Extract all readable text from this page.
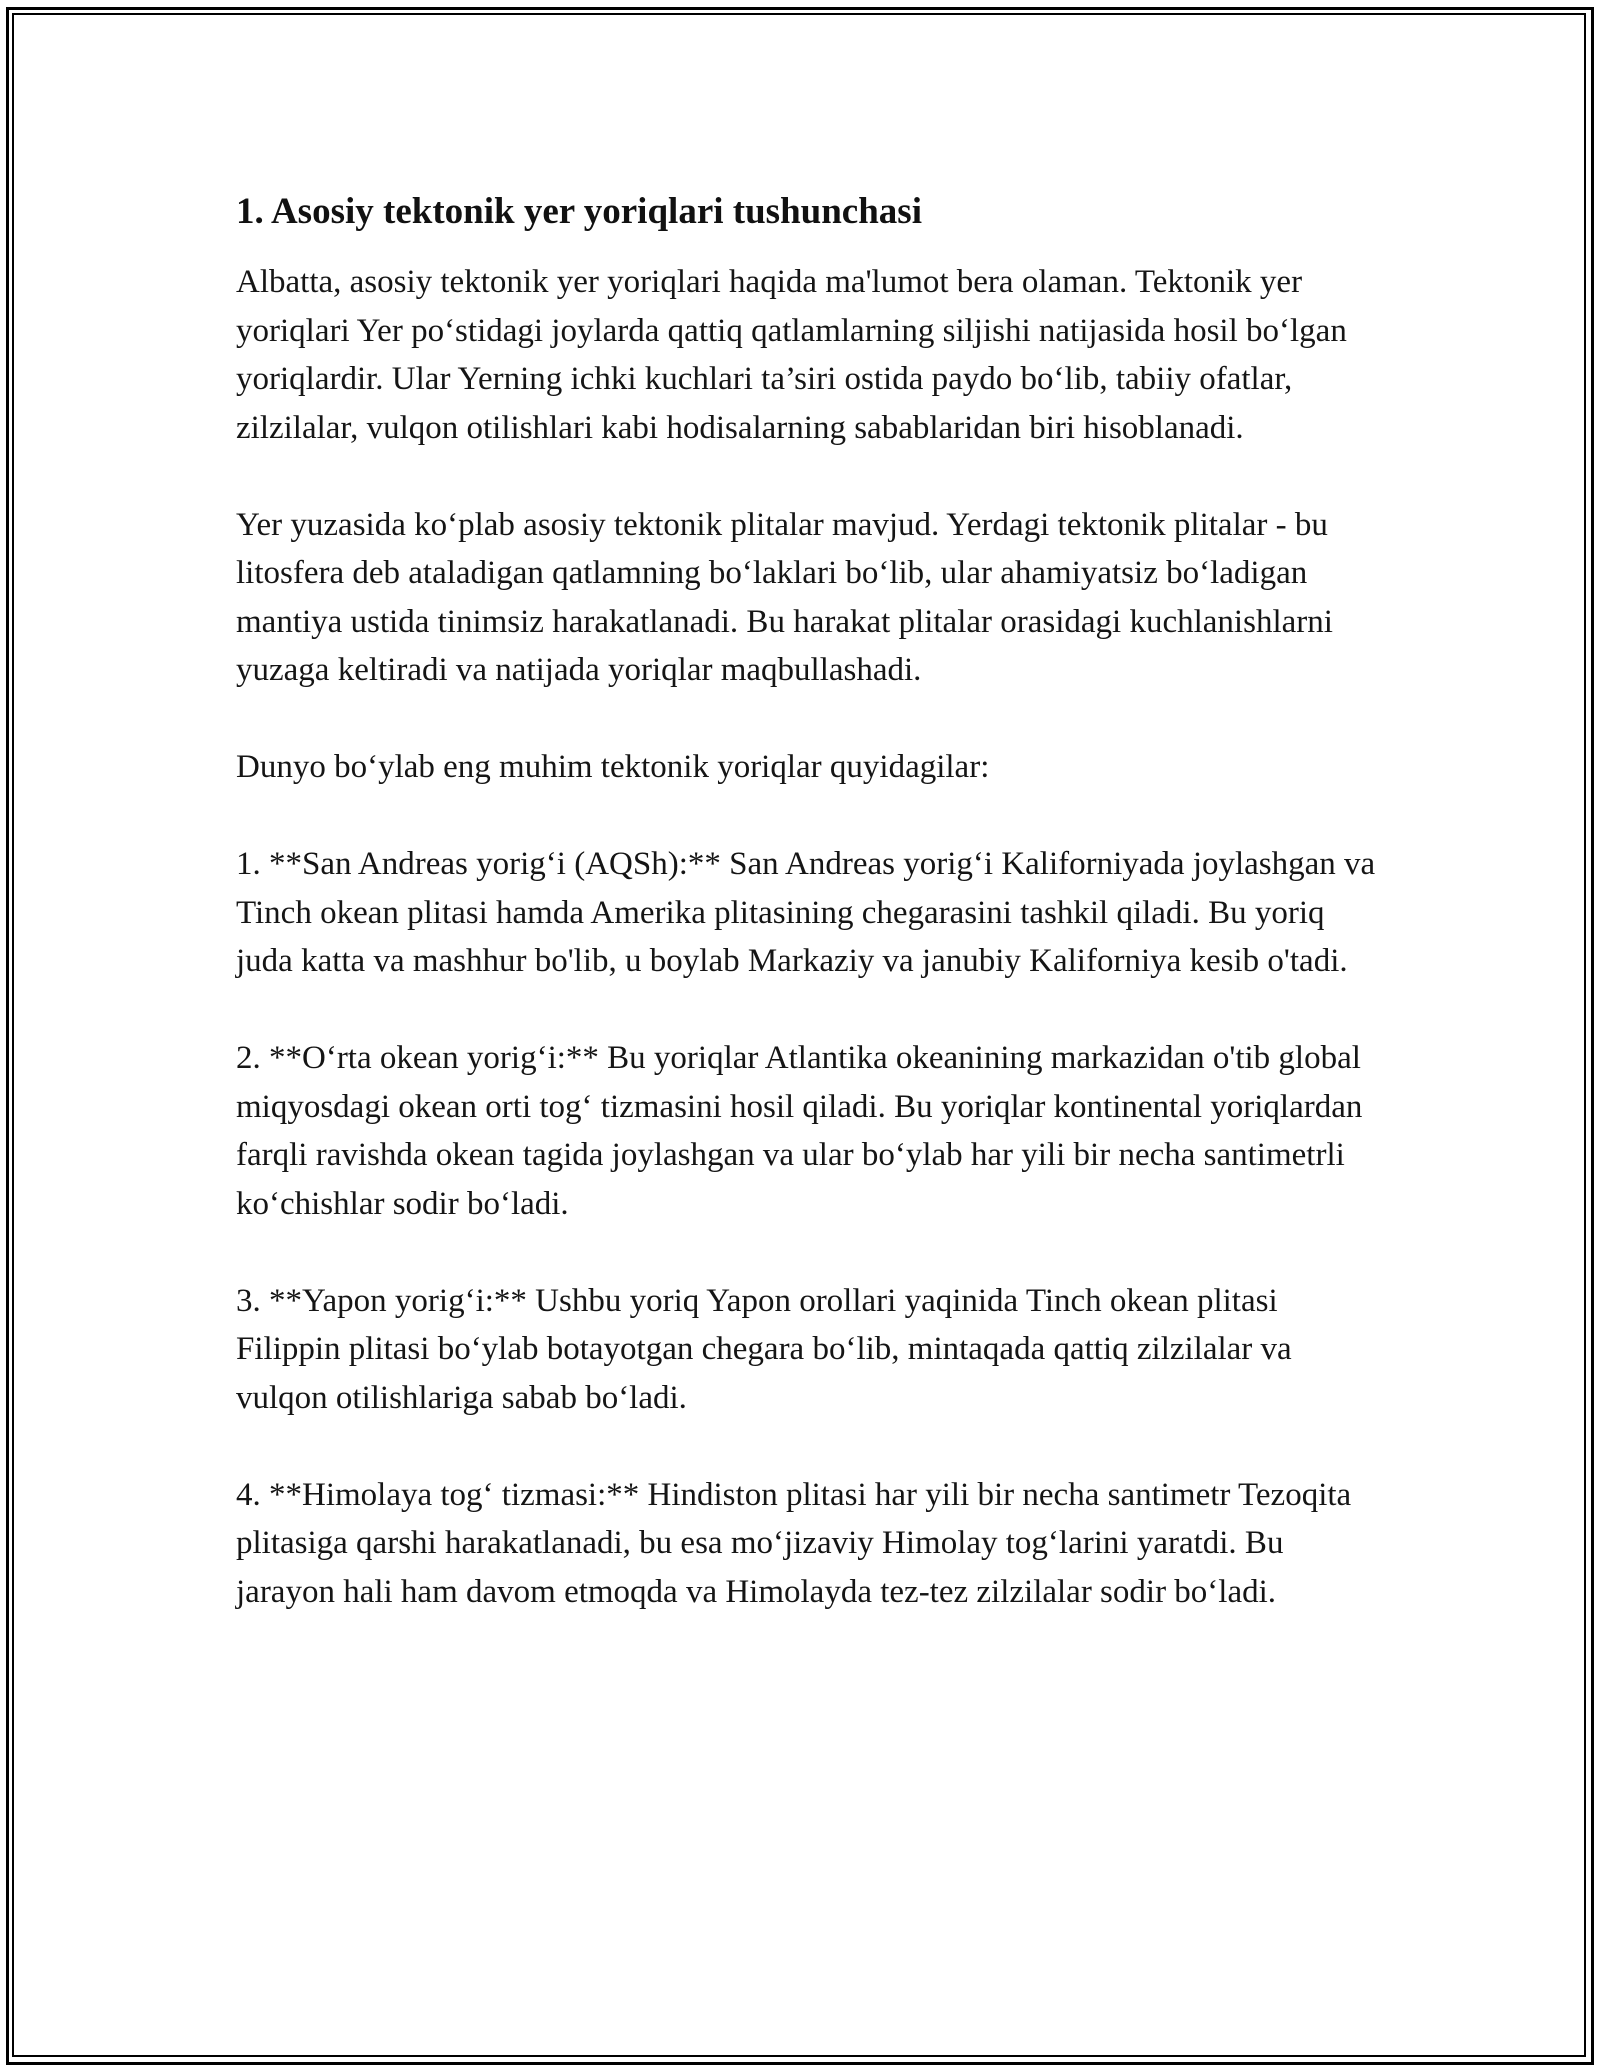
1. Asosiy tektonik yer yoriqlari tushunchasi

Albatta, asosiy tektonik yer yoriqlari haqida ma'lumot bera olaman. Tektonik yer yoriqlari Yer po‘stidagi joylarda qattiq qatlamlarning siljishi natijasida hosil bo‘lgan yoriqlardir. Ular Yerning ichki kuchlari ta’siri ostida paydo bo‘lib, tabiiy ofatlar, zilzilalar, vulqon otilishlari kabi hodisalarning sabablaridan biri hisoblanadi.

Yer yuzasida ko‘plab asosiy tektonik plitalar mavjud. Yerdagi tektonik plitalar - bu litosfera deb ataladigan qatlamning bo‘laklari bo‘lib, ular ahamiyatsiz bo‘ladigan mantiya ustida tinimsiz harakatlanadi. Bu harakat plitalar orasidagi kuchlanishlarni yuzaga keltiradi va natijada yoriqlar maqbullashadi.

Dunyo bo‘ylab eng muhim tektonik yoriqlar quyidagilar:

1. **San Andreas yorig‘i (AQSh):** San Andreas yorig‘i Kaliforniyada joylashgan va Tinch okean plitasi hamda Amerika plitasining chegarasini tashkil qiladi. Bu yoriq juda katta va mashhur bo'lib, u boylab Markaziy va janubiy Kaliforniya kesib o'tadi.

2. **O‘rta okean yorig‘i:** Bu yoriqlar Atlantika okeanining markazidan o'tib global miqyosdagi okean orti tog‘ tizmasini hosil qiladi. Bu yoriqlar kontinental yoriqlardan farqli ravishda okean tagida joylashgan va ular bo‘ylab har yili bir necha santimetrli ko‘chishlar sodir bo‘ladi.

3. **Yapon yorig‘i:** Ushbu yoriq Yapon orollari yaqinida Tinch okean plitasi Filippin plitasi bo‘ylab botayotgan chegara bo‘lib, mintaqada qattiq zilzilalar va vulqon otilishlariga sabab bo‘ladi.

4. **Himolaya tog‘ tizmasi:** Hindiston plitasi har yili bir necha santimetr Tezoqita plitasiga qarshi harakatlanadi, bu esa mo‘jizaviy Himolay tog‘larini yaratdi. Bu jarayon hali ham davom etmoqda va Himolayda tez-tez zilzilalar sodir bo‘ladi.
